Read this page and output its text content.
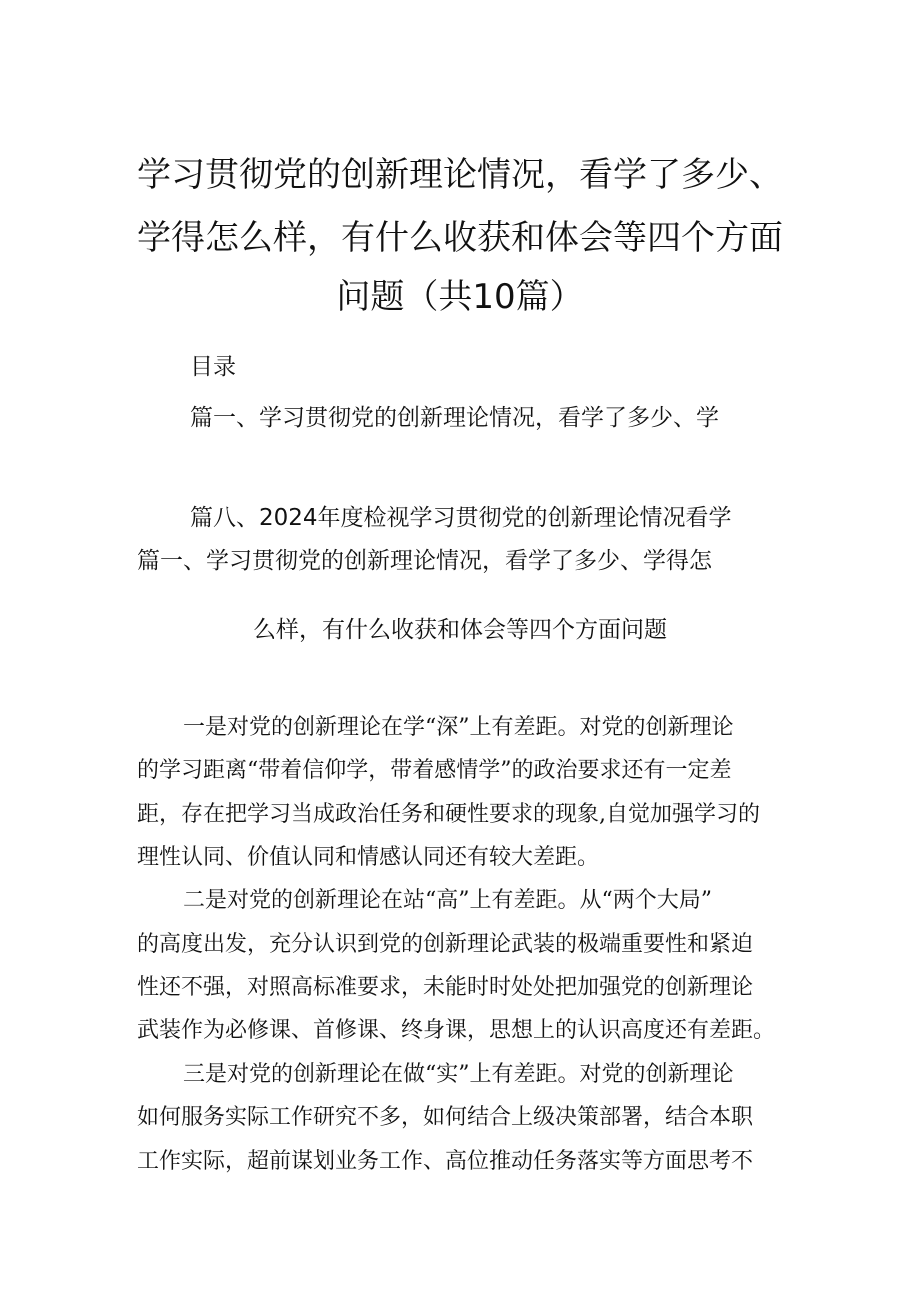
学习贯彻党的创新理论情况，看学了多少、
学得怎么样，有什么收获和体会等四个方面
问题（共10篇）
目录
篇一、学习贯彻党的创新理论情况，看学了多少、学
篇八、2024年度检视学习贯彻党的创新理论情况看学
篇一、学习贯彻党的创新理论情况，看学了多少、学得怎
么样，有什么收获和体会等四个方面问题
一是对党的创新理论在学“深”上有差距。对党的创新理论
的学习距离“带着信仰学，带着感情学”的政治要求还有一定差
距，存在把学习当成政治任务和硬性要求的现象,自觉加强学习的
理性认同、价值认同和情感认同还有较大差距。
二是对党的创新理论在站“高”上有差距。从“两个大局”
的高度出发，充分认识到党的创新理论武装的极端重要性和紧迫
性还不强，对照高标准要求，未能时时处处把加强党的创新理论
武装作为必修课、首修课、终身课，思想上的认识高度还有差距。
三是对党的创新理论在做“实”上有差距。对党的创新理论
如何服务实际工作研究不多，如何结合上级决策部署，结合本职
工作实际，超前谋划业务工作、高位推动任务落实等方面思考不
